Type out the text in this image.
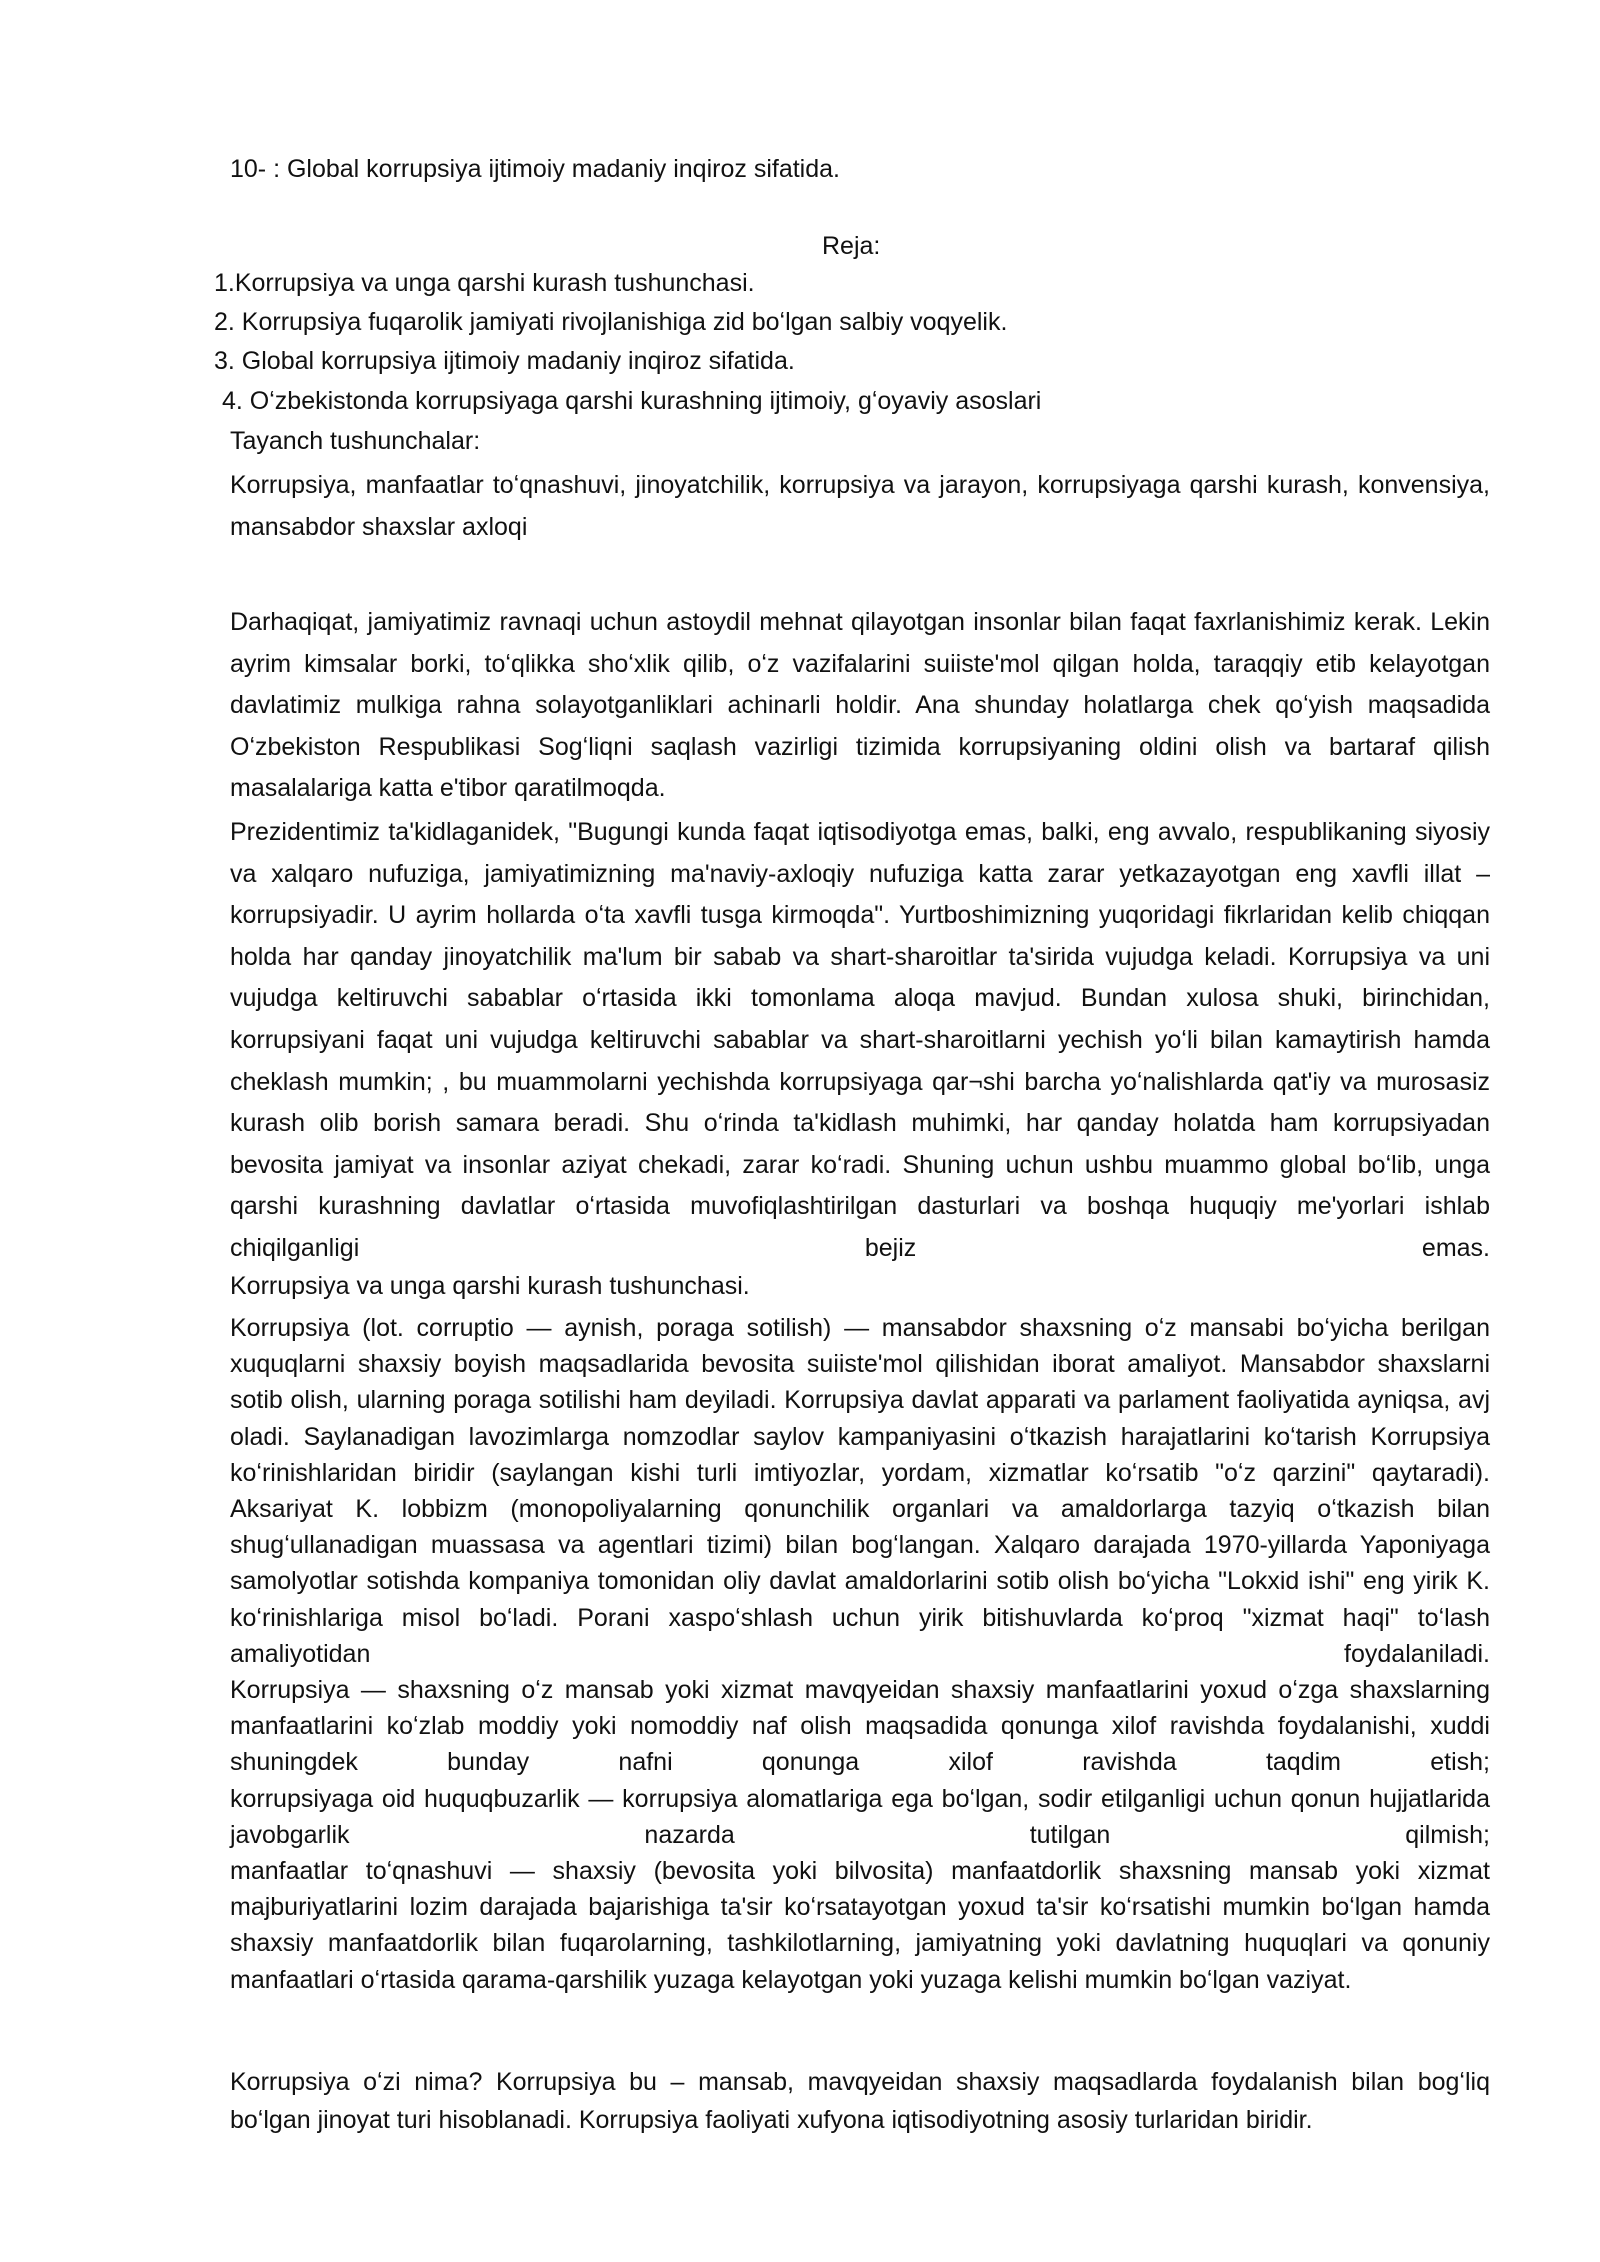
10- : Global korrupsiya ijtimoiy madaniy inqiroz sifatida.
Reja:
1.Korrupsiya va unga qarshi kurash tushunchasi.
2. Korrupsiya fuqarolik jamiyati rivojlanishiga zid boʻlgan salbiy voqyelik.
3. Global korrupsiya ijtimoiy madaniy inqiroz sifatida.
4. Oʻzbekistonda korrupsiyaga qarshi kurashning ijtimoiy, gʻoyaviy asoslari
Tayanch tushunchalar:
Korrupsiya, manfaatlar toʻqnashuvi, jinoyatchilik, korrupsiya va jarayon, korrupsiyaga qarshi kurash, konvensiya, mansabdor shaxslar axloqi
Darhaqiqat, jamiyatimiz ravnaqi uchun astoydil mehnat qilayotgan insonlar bilan faqat faxrlanishimiz kerak. Lekin ayrim kimsalar borki, toʻqlikka shoʻxlik qilib, oʻz vazifalarini suiiste'mol qilgan holda, taraqqiy etib kelayotgan davlatimiz mulkiga rahna solayotganliklari achinarli holdir. Ana shunday holatlarga chek qoʻyish maqsadida Oʻzbekiston Respublikasi Sogʻliqni saqlash vazirligi tizimida korrupsiyaning oldini olish va bartaraf qilish masalalariga katta e'tibor qaratilmoqda.
Prezidentimiz ta'kidlaganidek, "Bugungi kunda faqat iqtisodiyotga emas, balki, eng avvalo, respublikaning siyosiy va xalqaro nufuziga, jamiyatimizning ma'naviy-axloqiy nufuziga katta zarar yetkazayotgan eng xavfli illat – korrupsiyadir. U ayrim hollarda oʻta xavfli tusga kirmoqda". Yurtboshimizning yuqoridagi fikrlaridan kelib chiqqan holda har qanday jinoyatchilik ma'lum bir sabab va shart-sharoitlar ta'sirida vujudga keladi. Korrupsiya va uni vujudga keltiruvchi sabablar oʻrtasida ikki tomonlama aloqa mavjud. Bundan xulosa shuki, birinchidan, korrupsiyani faqat uni vujudga keltiruvchi sabablar va shart-sharoitlarni yechish yoʻli bilan kamaytirish hamda cheklash mumkin; , bu muammolarni yechishda korrupsiyaga qar¬shi barcha yoʻnalishlarda qat'iy va murosasiz kurash olib borish samara beradi. Shu oʻrinda ta'kidlash muhimki, har qanday holatda ham korrupsiyadan bevosita jamiyat va insonlar aziyat chekadi, zarar koʻradi. Shuning uchun ushbu muammo global boʻlib, unga qarshi kurashning davlatlar oʻrtasida muvofiqlashtirilgan dasturlari va boshqa huquqiy me'yorlari ishlab chiqilganligi bejiz emas.
Korrupsiya va unga qarshi kurash tushunchasi.
Korrupsiya (lot. corruptio — aynish, poraga sotilish) — mansabdor shaxsning oʻz mansabi boʻyicha berilgan xuquqlarni shaxsiy boyish maqsadlarida bevosita suiiste'mol qilishidan iborat amaliyot. Mansabdor shaxslarni sotib olish, ularning poraga sotilishi ham deyiladi. Korrupsiya davlat apparati va parlament faoliyatida ayniqsa, avj oladi. Saylanadigan lavozimlarga nomzodlar saylov kampaniyasini oʻtkazish harajatlarini koʻtarish Korrupsiya koʻrinishlaridan biridir (saylangan kishi turli imtiyozlar, yordam, xizmatlar koʻrsatib "oʻz qarzini" qaytaradi). Aksariyat K. lobbizm (monopoliyalarning qonunchilik organlari va amaldorlarga tazyiq oʻtkazish bilan shugʻullanadigan muassasa va agentlari tizimi) bilan bogʻlangan. Xalqaro darajada 1970-yillarda Yaponiyaga samolyotlar sotishda kompaniya tomonidan oliy davlat amaldorlarini sotib olish boʻyicha "Lokxid ishi" eng yirik K. koʻrinishlariga misol boʻladi. Porani xaspoʻshlash uchun yirik bitishuvlarda koʻproq "xizmat haqi" toʻlash amaliyotidan foydalaniladi.
Korrupsiya — shaxsning oʻz mansab yoki xizmat mavqyeidan shaxsiy manfaatlarini yoxud oʻzga shaxslarning manfaatlarini koʻzlab moddiy yoki nomoddiy naf olish maqsadida qonunga xilof ravishda foydalanishi, xuddi shuningdek bunday nafni qonunga xilof ravishda taqdim etish;
korrupsiyaga oid huquqbuzarlik — korrupsiya alomatlariga ega boʻlgan, sodir etilganligi uchun qonun hujjatlarida javobgarlik nazarda tutilgan qilmish;
manfaatlar toʻqnashuvi — shaxsiy (bevosita yoki bilvosita) manfaatdorlik shaxsning mansab yoki xizmat majburiyatlarini lozim darajada bajarishiga ta'sir koʻrsatayotgan yoxud ta'sir koʻrsatishi mumkin boʻlgan hamda shaxsiy manfaatdorlik bilan fuqarolarning, tashkilotlarning, jamiyatning yoki davlatning huquqlari va qonuniy manfaatlari oʻrtasida qarama-qarshilik yuzaga kelayotgan yoki yuzaga kelishi mumkin boʻlgan vaziyat.
Korrupsiya oʻzi nima? Korrupsiya bu – mansab, mavqyeidan shaxsiy maqsadlarda foydalanish bilan bogʻliq boʻlgan jinoyat turi hisoblanadi. Korrupsiya faoliyati xufyona iqtisodiyotning asosiy turlaridan biridir.
